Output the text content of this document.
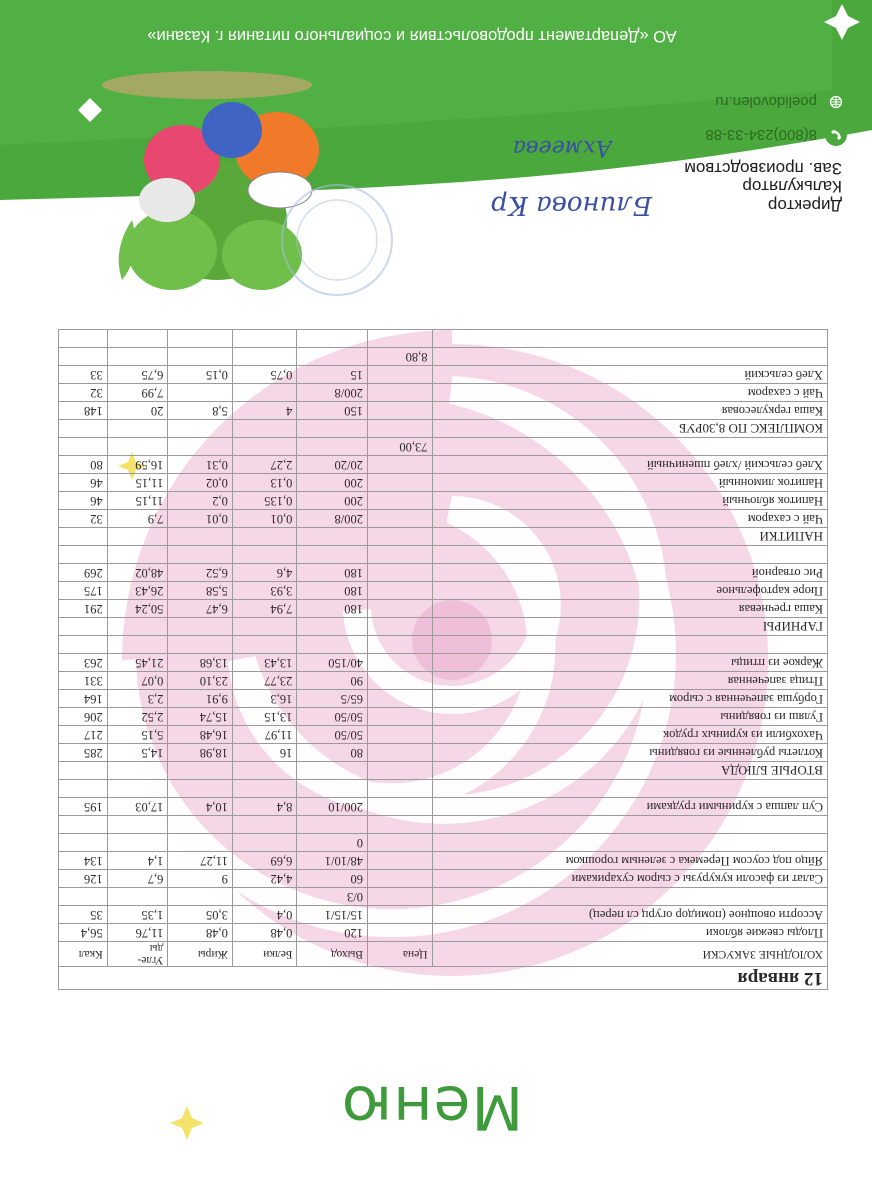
Меню
12 января						
ХОЛОДНЫЕ ЗАКУСКИ	Цена	Выход	Белки	Жиры	Угле-
ды	Ккал
Плоды свежие яблоки		120	0,48	0,48	11,76	56,4
Ассорти овощное (помидор огурц сл перец)		15/15/1	0,4	3,05	1,35	35
		0/3				
Салат из фасоли кукурузы с сыром сухариками		60	4,42	9	6,7	126
Яйцо под соусом Перемека с зеленым горошком		48/10/1	6,69	11,27	1,4	134
		0				

Суп лапша с куриными грудками		200/10	8,4	10,4	17,03	195

ВТОРЫЕ БЛЮДА						
Котлеты рубленные из говядины		80	16	18,98	14,5	285
Чахохбили из куриных грудок		50/50	11,97	16,48	5,15	217
Гуляш из говядины		50/50	13,15	15,74	2,52	206
Горбуша запеченная с сыром		65/5	16,3	9,91	2,3	164
Птица запеченная		90	23,77	23,10	0,07	331
Жаркое из птицы		40/150	13,43	13,68	21,45	263

ГАРНИРЫ						
Каша гречневая		180	7,94	6,47	50,24	291
Пюре картофельное		180	3,93	5,58	26,43	175
Рис отварной		180	4,6	6,52	48,02	269

НАПИТКИ						
Чай с сахаром		200/8	0,01	0,01	7,9	32
Напиток яблочный		200	0,135	0,2	11,15	46
Напиток лимонный		200	0,13	0,02	11,15	46
Хлеб сельский /хлеб пшеничный		20/20	2,27	0,31	16,59	80
	73,00					
КОМПЛЕКС ПО 8,30РУБ						
Каша геркулесовая		150	4	5,8	20	148
Чай с сахаром		200/8			7,99	32
Хлеб сельский		15	0,75	0,15	6,75	33
	8,80					

АО «Департамент продовольствия и социального питания г. Казани»
8(800)234-33-88
poelidovolen.ru
Директор
Калькулятор
Зав. производством
Блинова Кр
Ахмеева
